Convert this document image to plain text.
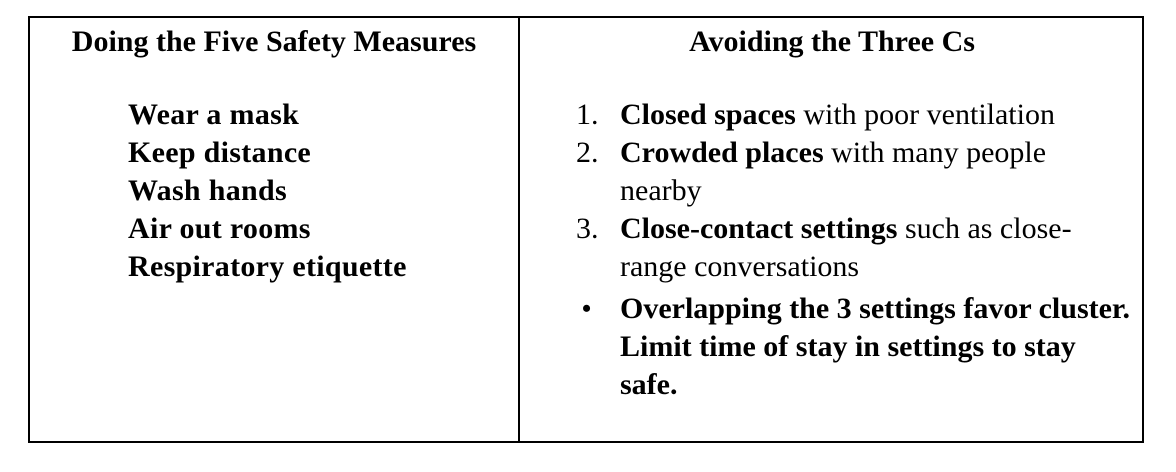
Doing the Five Safety Measures	Avoiding the Three Cs
Wear a mask
Keep distance
Wash hands
Air out rooms
Respiratory etiquette
1. Closed spaces with poor ventilation
2. Crowded places with many people nearby
3. Close-contact settings such as close-range conversations
• Overlapping the 3 settings favor cluster.
Limit time of stay in settings to stay safe.
